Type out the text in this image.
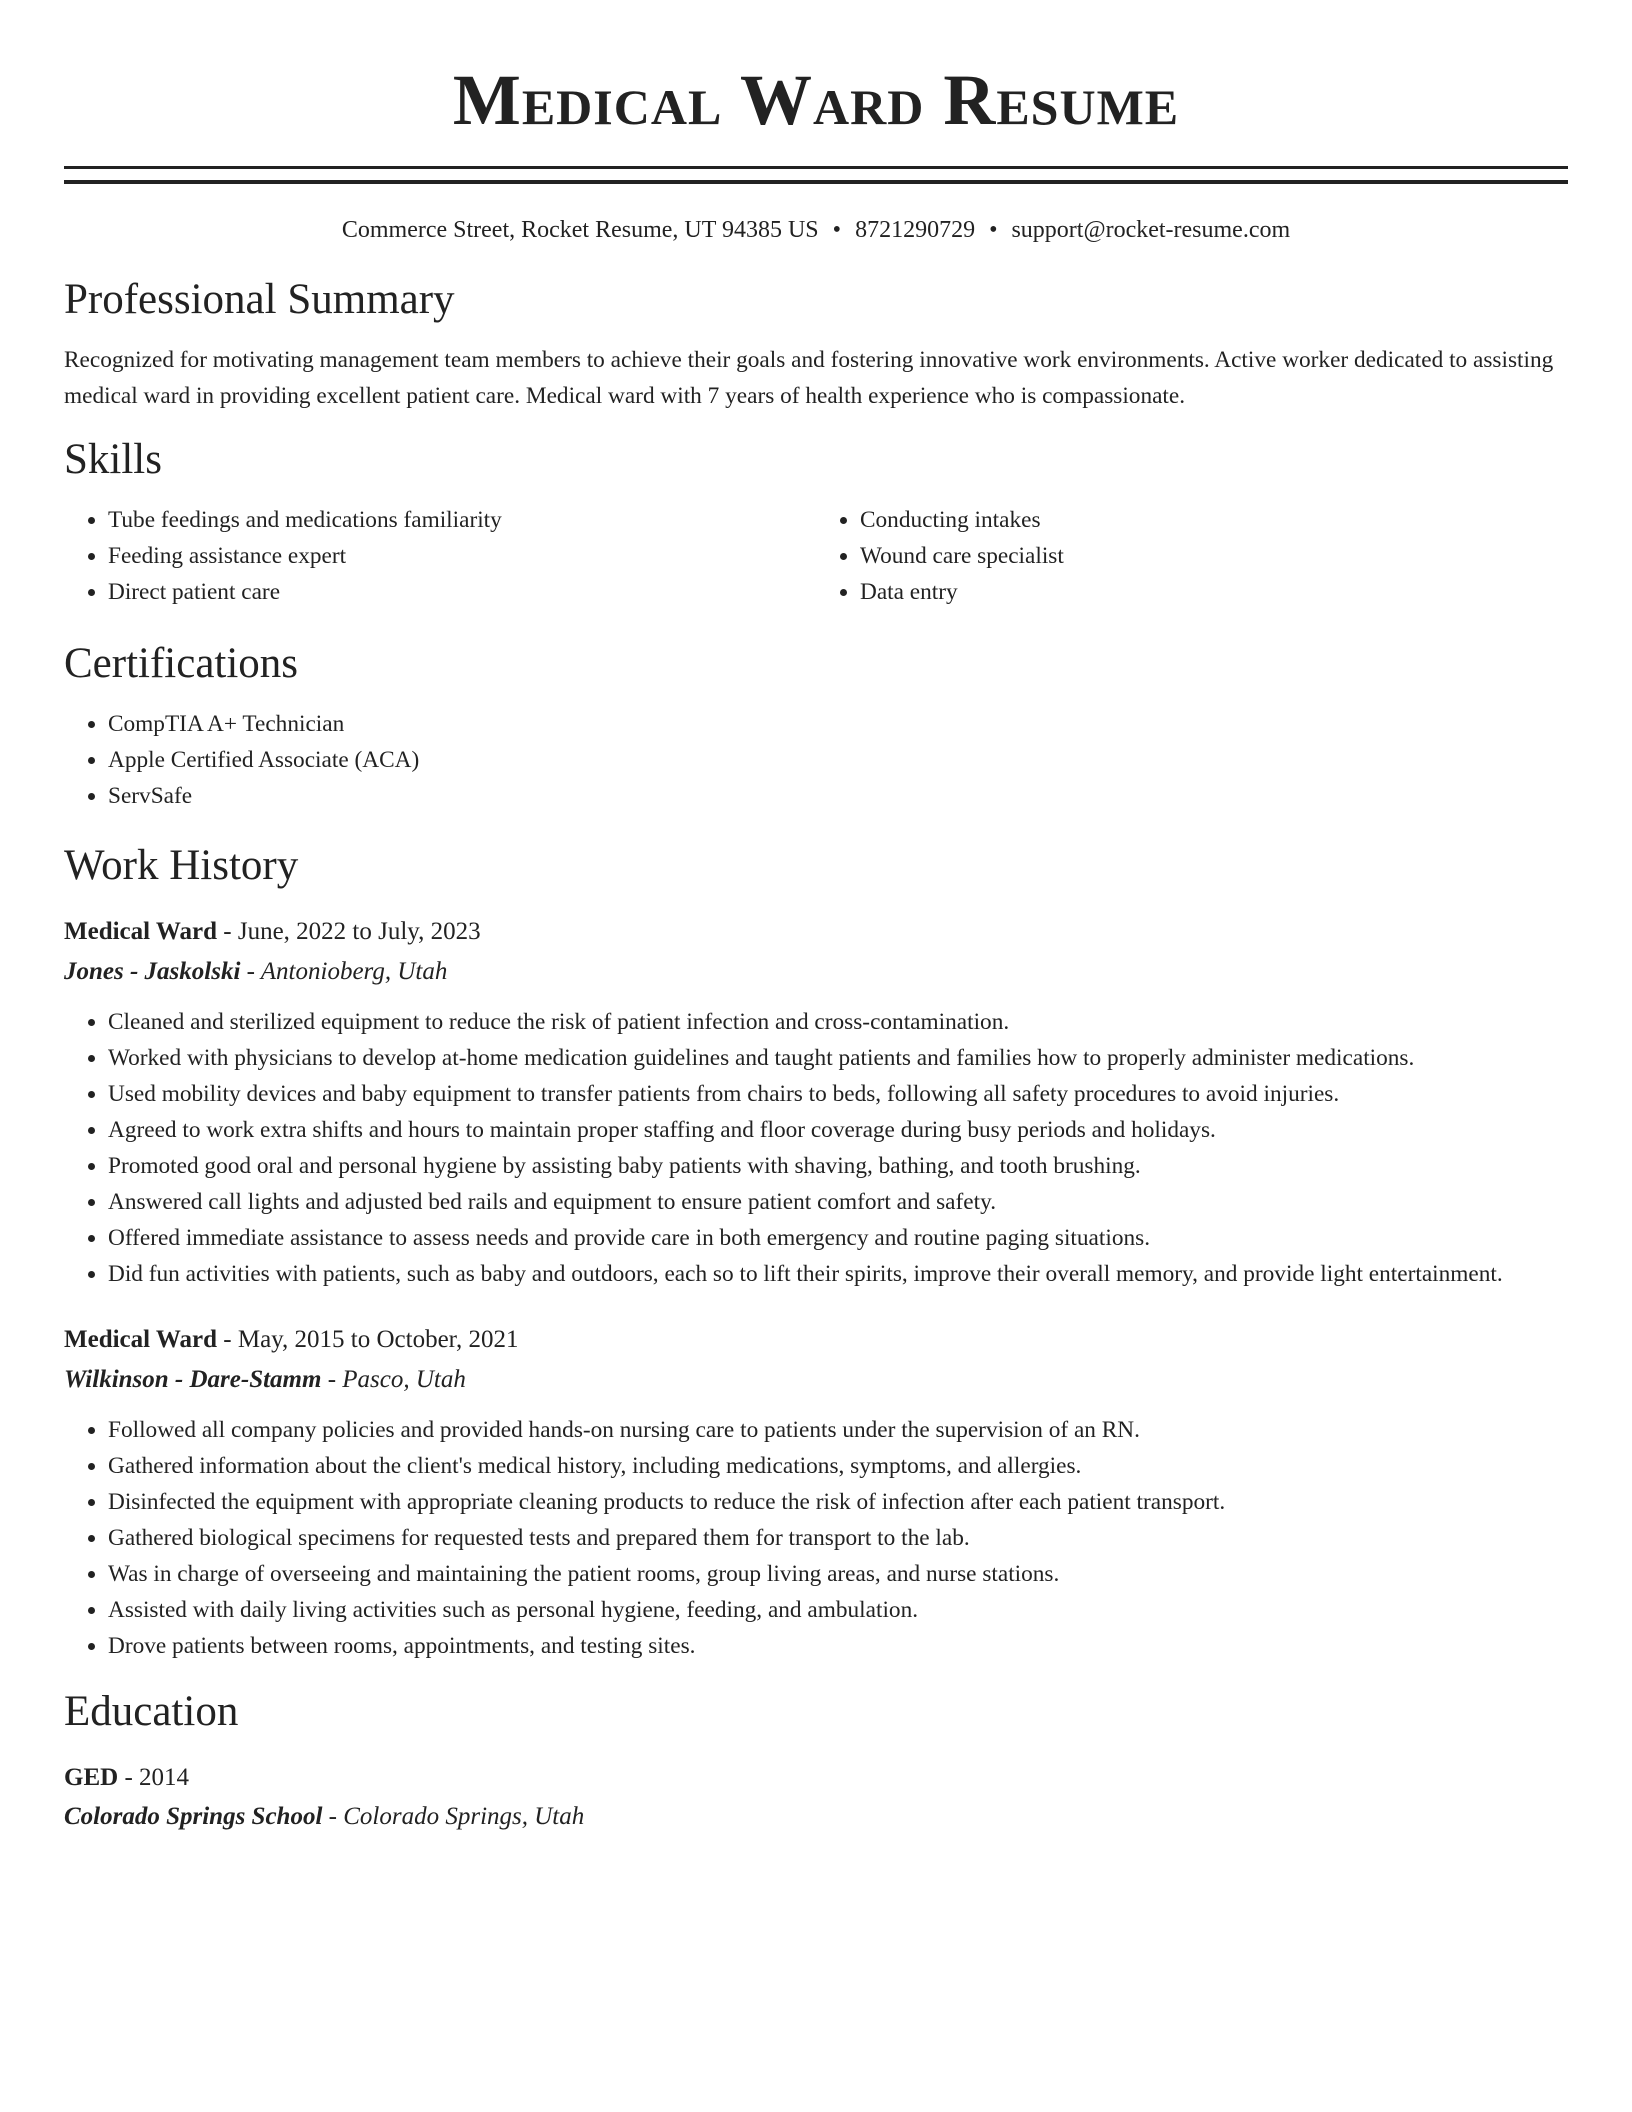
Medical Ward Resume
Commerce Street, Rocket Resume, UT 94385 US • 8721290729 • support@rocket-resume.com
Professional Summary

Recognized for motivating management team members to achieve their goals and fostering innovative work environments. Active worker dedicated to assisting medical ward in providing excellent patient care. Medical ward with 7 years of health experience who is compassionate.

Skills
• Tube feedings and medications familiarity
• Feeding assistance expert
• Direct patient care
• Conducting intakes
• Wound care specialist
• Data entry
Certifications
• CompTIA A+ Technician
• Apple Certified Associate (ACA)
• ServSafe
Work History
Medical Ward - June, 2022 to July, 2023
Jones - Jaskolski - Antonioberg, Utah
• Cleaned and sterilized equipment to reduce the risk of patient infection and cross-contamination.
• Worked with physicians to develop at-home medication guidelines and taught patients and families how to properly administer medications.
• Used mobility devices and baby equipment to transfer patients from chairs to beds, following all safety procedures to avoid injuries.
• Agreed to work extra shifts and hours to maintain proper staffing and floor coverage during busy periods and holidays.
• Promoted good oral and personal hygiene by assisting baby patients with shaving, bathing, and tooth brushing.
• Answered call lights and adjusted bed rails and equipment to ensure patient comfort and safety.
• Offered immediate assistance to assess needs and provide care in both emergency and routine paging situations.
• Did fun activities with patients, such as baby and outdoors, each so to lift their spirits, improve their overall memory, and provide light entertainment.
Medical Ward - May, 2015 to October, 2021
Wilkinson - Dare-Stamm - Pasco, Utah
• Followed all company policies and provided hands-on nursing care to patients under the supervision of an RN.
• Gathered information about the client's medical history, including medications, symptoms, and allergies.
• Disinfected the equipment with appropriate cleaning products to reduce the risk of infection after each patient transport.
• Gathered biological specimens for requested tests and prepared them for transport to the lab.
• Was in charge of overseeing and maintaining the patient rooms, group living areas, and nurse stations.
• Assisted with daily living activities such as personal hygiene, feeding, and ambulation.
• Drove patients between rooms, appointments, and testing sites.
Education
GED - 2014
Colorado Springs School - Colorado Springs, Utah
